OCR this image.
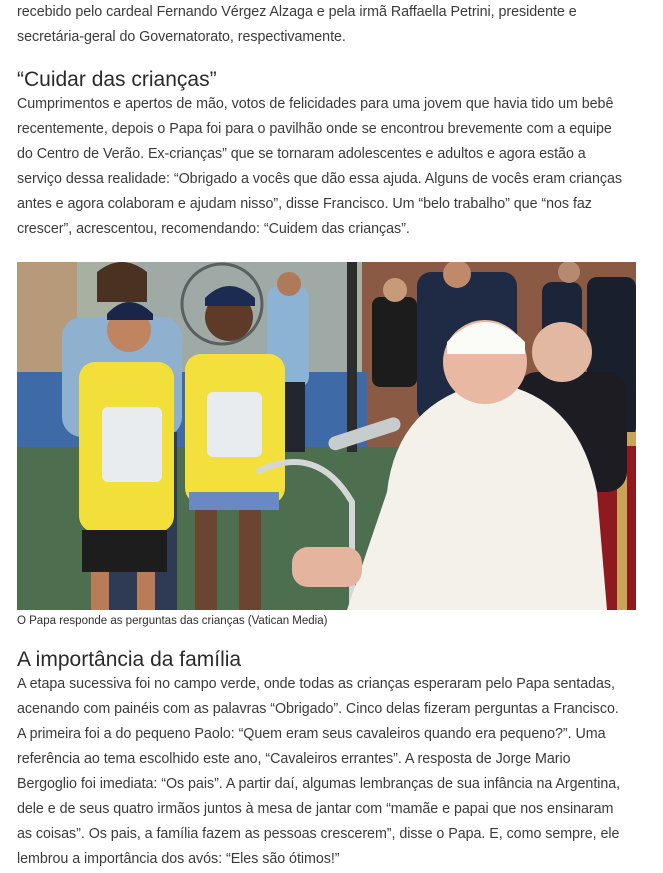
recebido pelo cardeal Fernando Vérgez Alzaga e pela irmã Raffaella Petrini, presidente e
secretária-geral do Governatorato, respectivamente.

“Cuidar das crianças”

Cumprimentos e apertos de mão, votos de felicidades para uma jovem que havia tido um bebê
recentemente, depois o Papa foi para o pavilhão onde se encontrou brevemente com a equipe
do Centro de Verão. Ex-crianças” que se tornaram adolescentes e adultos e agora estão a
serviço dessa realidade: “Obrigado a vocês que dão essa ajuda. Alguns de vocês eram crianças
antes e agora colaboram e ajudam nisso”, disse Francisco. Um “belo trabalho” que “nos faz
crescer”, acrescentou, recomendando: “Cuidem das crianças”.

O Papa responde as perguntas das crianças (Vatican Media)

A importância da família

A etapa sucessiva foi no campo verde, onde todas as crianças esperaram pelo Papa sentadas,
acenando com painéis com as palavras “Obrigado”. Cinco delas fizeram perguntas a Francisco.
A primeira foi a do pequeno Paolo: “Quem eram seus cavaleiros quando era pequeno?”. Uma
referência ao tema escolhido este ano, “Cavaleiros errantes”. A resposta de Jorge Mario
Bergoglio foi imediata: “Os pais”. A partir daí, algumas lembranças de sua infância na Argentina,
dele e de seus quatro irmãos juntos à mesa de jantar com “mamãe e papai que nos ensinaram
as coisas”. Os pais, a família fazem as pessoas crescerem”, disse o Papa. E, como sempre, ele
lembrou a importância dos avós: “Eles são ótimos!”
